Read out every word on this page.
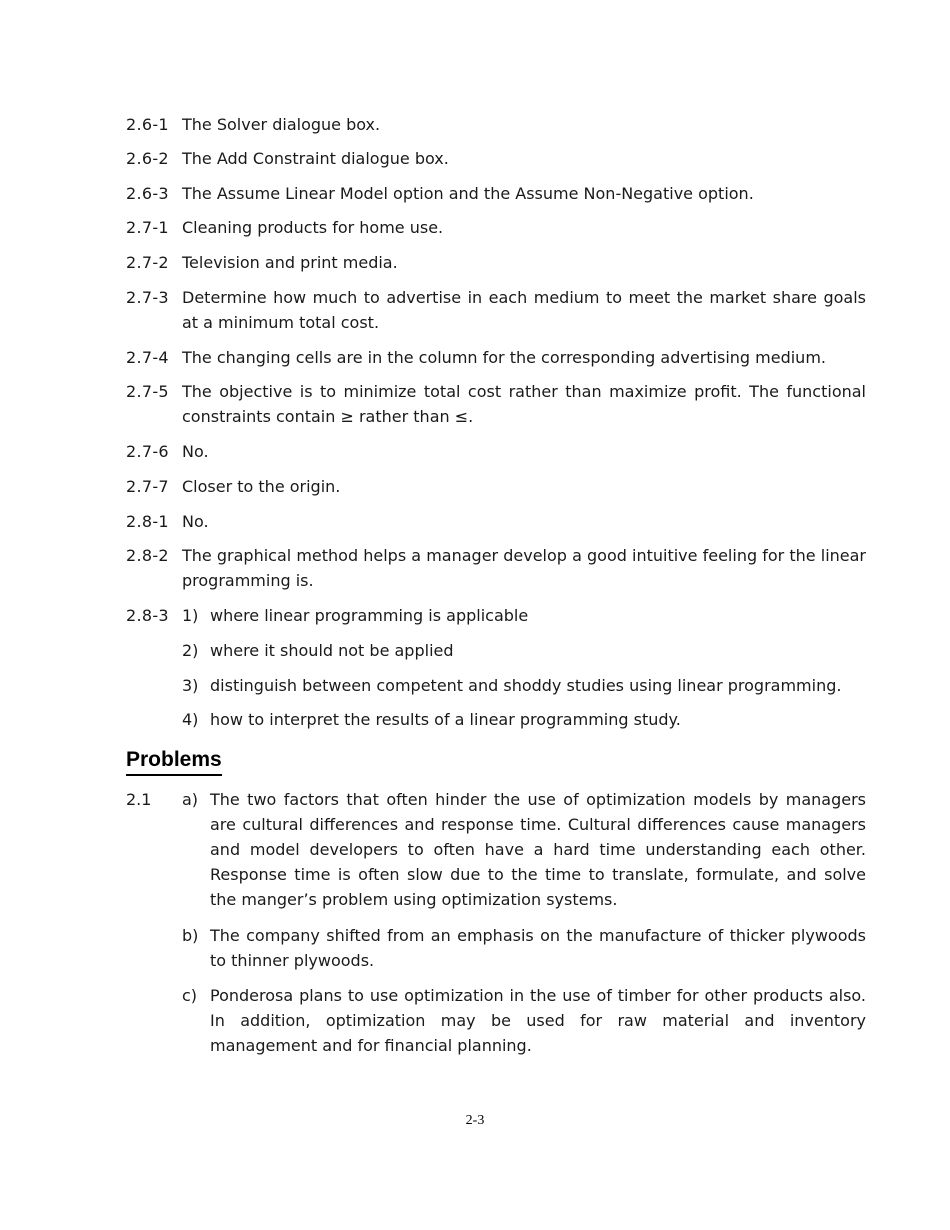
2.6-1 The Solver dialogue box.
2.6-2 The Add Constraint dialogue box.
2.6-3 The Assume Linear Model option and the Assume Non-Negative option.
2.7-1 Cleaning products for home use.
2.7-2 Television and print media.
2.7-3 Determine how much to advertise in each medium to meet the market share goals at a minimum total cost.
2.7-4 The changing cells are in the column for the corresponding advertising medium.
2.7-5 The objective is to minimize total cost rather than maximize profit. The functional constraints contain ≥ rather than ≤.
2.7-6 No.
2.7-7 Closer to the origin.
2.8-1 No.
2.8-2 The graphical method helps a manager develop a good intuitive feeling for the linear programming is.
2.8-3 1) where linear programming is applicable
2) where it should not be applied
3) distinguish between competent and shoddy studies using linear programming.
4) how to interpret the results of a linear programming study.
Problems
2.1	a) The two factors that often hinder the use of optimization models by managers are cultural differences and response time. Cultural differences cause managers and model developers to often have a hard time understanding each other. Response time is often slow due to the time to translate, formulate, and solve the manger’s problem using optimization systems.
b) The company shifted from an emphasis on the manufacture of thicker plywoods to thinner plywoods.
c) Ponderosa plans to use optimization in the use of timber for other products also. In addition, optimization may be used for raw material and inventory management and for financial planning.
2-3
